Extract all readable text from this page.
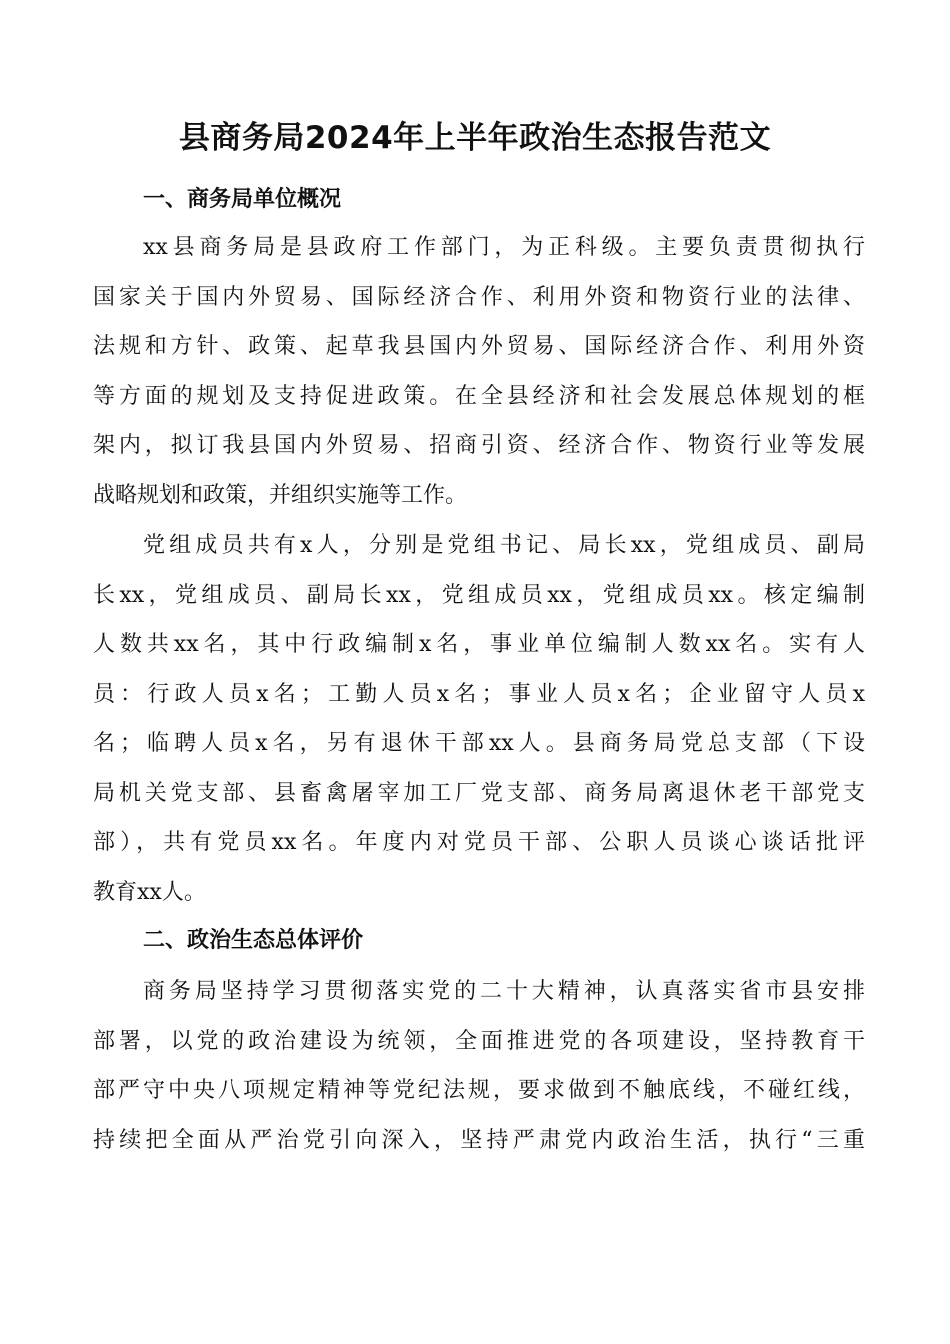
县商务局2024年上半年政治生态报告范文
一、商务局单位概况

xx县商务局是县政府工作部门，为正科级。主要负责贯彻执行
国家关于国内外贸易、国际经济合作、利用外资和物资行业的法律、
法规和方针、政策、起草我县国内外贸易、国际经济合作、利用外资
等方面的规划及支持促进政策。在全县经济和社会发展总体规划的框
架内，拟订我县国内外贸易、招商引资、经济合作、物资行业等发展
战略规划和政策，并组织实施等工作。

党组成员共有x人，分别是党组书记、局长xx，党组成员、副局
长xx，党组成员、副局长xx，党组成员xx，党组成员xx。核定编制
人数共xx名，其中行政编制x名，事业单位编制人数xx名。实有人
员：行政人员x名；工勤人员x名；事业人员x名；企业留守人员x
名；临聘人员x名，另有退休干部xx人。县商务局党总支部（下设
局机关党支部、县畜禽屠宰加工厂党支部、商务局离退休老干部党支
部），共有党员xx名。年度内对党员干部、公职人员谈心谈话批评
教育xx人。

二、政治生态总体评价

商务局坚持学习贯彻落实党的二十大精神，认真落实省市县安排
部署，以党的政治建设为统领，全面推进党的各项建设，坚持教育干
部严守中央八项规定精神等党纪法规，要求做到不触底线，不碰红线，
持续把全面从严治党引向深入，坚持严肃党内政治生活，执行“三重
